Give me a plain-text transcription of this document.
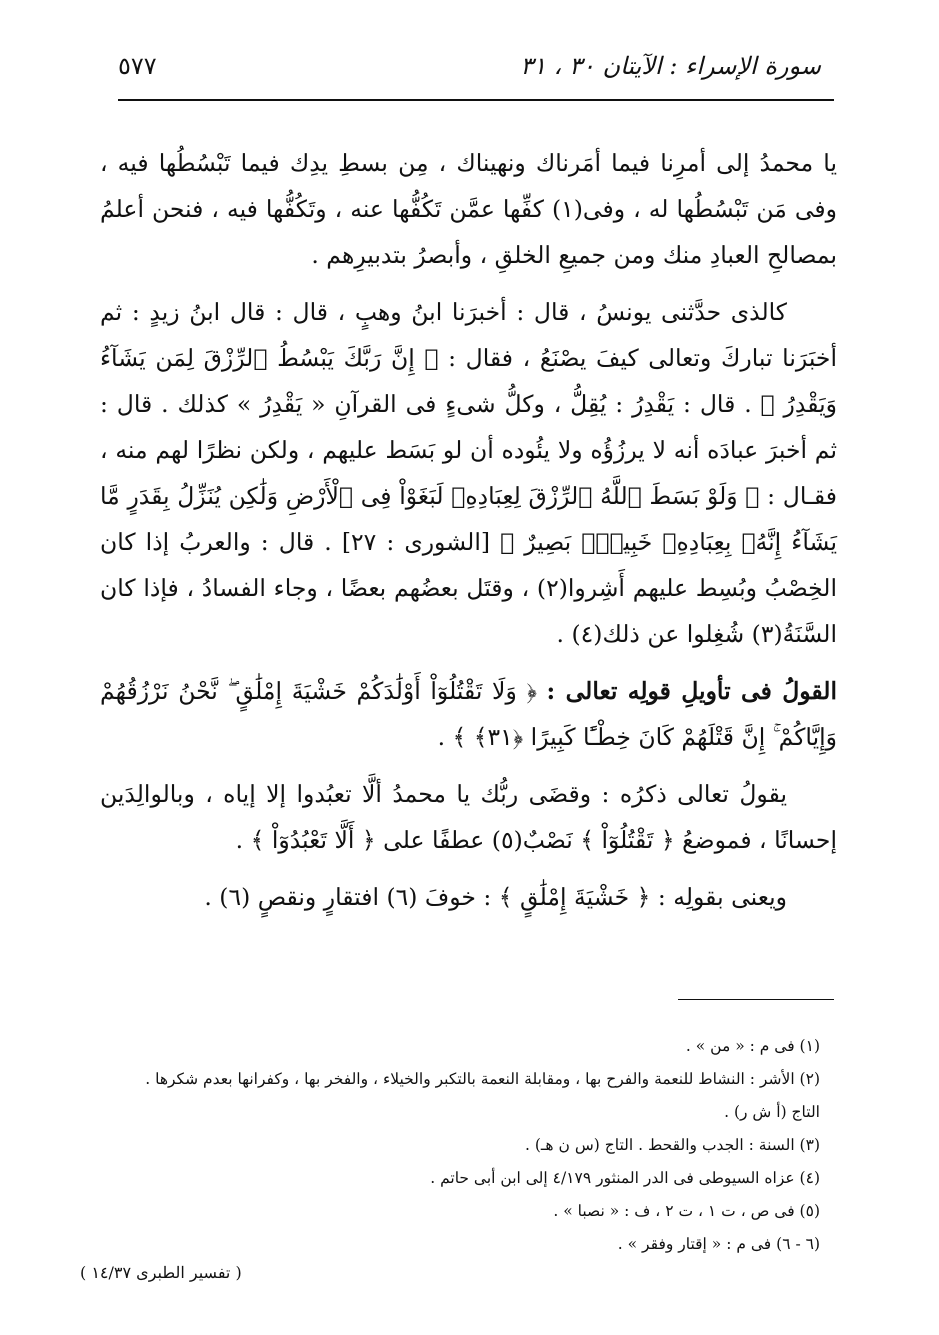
٥٧٧	سورة الإسراء : الآيتان ٣٠ ، ٣١

يا محمدُ إلى أمرِنا فيما أمَرناك ونهيناك ، مِن بسطِ يدِك فيما تَبْسُطُها فيه ، وفى مَن تَبْسُطُها له ، وفى(١) كفِّها عمَّن تَكُفُّها عنه ، وتَكُفُّها فيه ، فنحن أعلمُ بمصالحِ العبادِ منك ومن جميعِ الخلقِ ، وأبصرُ بتدبيرِهم .

كالذى حدَّثنى يونسُ ، قال : أخبرَنا ابنُ وهبٍ ، قال : قال ابنُ زيدٍ : ثم أخبَرَنا تباركَ وتعالى كيفَ يصْنَعُ ، فقال : ﴿ إِنَّ رَبَّكَ يَبْسُطُ ٱلرِّزْقَ لِمَن يَشَآءُ وَيَقْدِرُ ﴾ . قال : يَقْدِرُ : يُقِلُّ ، وكلُّ شىءٍ فى القرآنِ « يَقْدِرُ » كذلك . قال : ثم أخبرَ عبادَه أنه لا يرزُؤُه ولا يئُوده أن لو بَسَط عليهم ، ولكن نظرًا لهم منه ، فقـال : ﴿ وَلَوْ بَسَطَ ٱللَّهُ ٱلرِّزْقَ لِعِبَادِهِۦ لَبَغَوْاْ فِى ٱلْأَرْضِ وَلَٰكِن يُنَزِّلُ بِقَدَرٍ مَّا يَشَآءُ إِنَّهُۥ بِعِبَادِهِۦ خَبِيرٌۢ بَصِيرٌ ﴾ [الشورى : ٢٧] . قال : والعربُ إذا كان الخِصْبُ وبُسِط عليهم أَشِروا(٢) ، وقتَل بعضُهم بعضًا ، وجاء الفسادُ ، فإذا كان السَّنَةُ(٣) شُغِلوا عن ذلك(٤) .

القولُ فى تأويلِ قولِه تعالى : ﴿ وَلَا تَقْتُلُوٓاْ أَوْلَٰدَكُمْ خَشْيَةَ إِمْلَٰقٍ ۖ نَّحْنُ نَرْزُقُهُمْ وَإِيَّاكُمْ ۚ إِنَّ قَتْلَهُمْ كَانَ خِطْـًٔا كَبِيرًا ﴿٣١﴾ ﴾ .

يقولُ تعالى ذكرُه : وقضَى ربُّك يا محمدُ ألَّا تعبُدوا إلا إياه ، وبالوالِدَين إحسانًا ، فموضعُ ﴿ تَقْتُلُوٓاْ ﴾ نَصْبٌ(٥) عطفًا على ﴿ أَلَّا تَعْبُدُوٓاْ ﴾ .

ويعنى بقولِه : ﴿ خَشْيَةَ إِمْلَٰقٍ ﴾ : خوفَ (٦) افتقارٍ ونقصٍ (٦) .

(١) فى م : « من » .
(٢) الأشر : النشاط للنعمة والفرح بها ، ومقابلة النعمة بالتكبر والخيلاء ، والفخر بها ، وكفرانها بعدم شكرها .
التاج (أ ش ر) .
(٣) السنة : الجدب والقحط . التاج (س ن هـ) .
(٤) عزاه السيوطى فى الدر المنثور ٤/١٧٩ إلى ابن أبى حاتم .
(٥) فى ص ، ت ١ ، ت ٢ ، ف : « نصبا » .
(٦ - ٦) فى م : « إقتار وفقر » .
( تفسير الطبرى ١٤/٣٧ )
